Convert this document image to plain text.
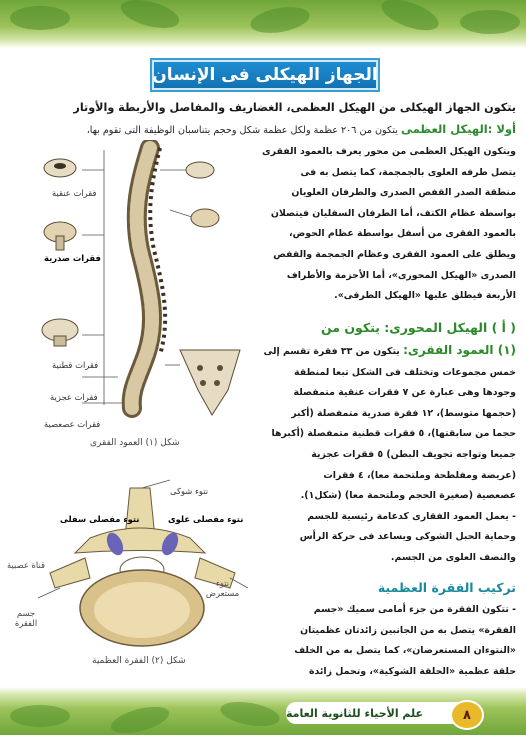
الجهاز الهيكلى فى الإنسان
يتكون الجهاز الهيكلى من الهيكل العظمى، الغضاريف والمفاصل والأربطة والأوتار
أولا :الهيكل العظمى يتكون من ٢٠٦ عظمة ولكل عظمة شكل وحجم يتناسبان الوظيفة التى تقوم بها،
ويتكون الهيكل العظمى من محور يعرف بالعمود الفقرى
يتصل طرفه العلوى بالجمجمة، كما يتصل به فى
منطقة الصدر القفص الصدرى والطرفان العلويان
بواسطة عظام الكتف، أما الطرفان السفليان فيتصلان
بالعمود الفقرى من أسفل بواسطة عظام الحوض،
ويطلق على العمود الفقرى وعظام الجمجمة والقفص
الصدرى «الهيكل المحورى»، أما الأحزمة والأطراف
الأربعة فيطلق عليها «الهيكل الطرفى».
( أ ) الهيكل المحورى: يتكون من
(١) العمود الفقرى: يتكون من ٣٣ فقرة تقسم إلى
خمس مجموعات وتختلف فى الشكل تبعا لمنطقة
وجودها وهى عبارة عن ٧ فقرات عنقية متمفصلة
(حجمها متوسط)، ١٢ فقرة صدرية متمفصلة (أكبر
حجما من سابقتها)، ٥ فقرات قطنية متمفصلة (أكبرها
جميعا وتواجه تجويف البطن) ٥ فقرات عجزية
(عريضة ومفلطحة وملتحمة معا)، ٤ فقرات
عصعصية (صغيرة الحجم وملتحمة معا) (شكل١).
- يعمل العمود الفقارى كدعامة رئيسية للجسم
وحماية الحبل الشوكى ويساعد فى حركة الرأس
والنصف العلوى من الجسم.
تركيب الفقرة العظمية
- تتكون الفقرة من جزء أمامى سميك «جسم
الفقرة» يتصل به من الجانبين زائدتان عظميتان
«النتوءان المستعرضان»، كما يتصل به من الخلف
حلقة عظمية «الحلقة الشوكية»، وتحمل زائدة
فقرات عنقية
فقرات صدرية
فقرات قطنية
فقرات عجزية
فقرات عصعصية
شكل (١) العمود الفقرى
نتوء شوكى
نتوء مفصلى علوى
نتوء مفصلى سفلى
قناة عصبية
نتوء مستعرض
جسم الفقرة
شكل (٢) الفقرة العظمية
علم الأحياء للثانوية العامة	٨
